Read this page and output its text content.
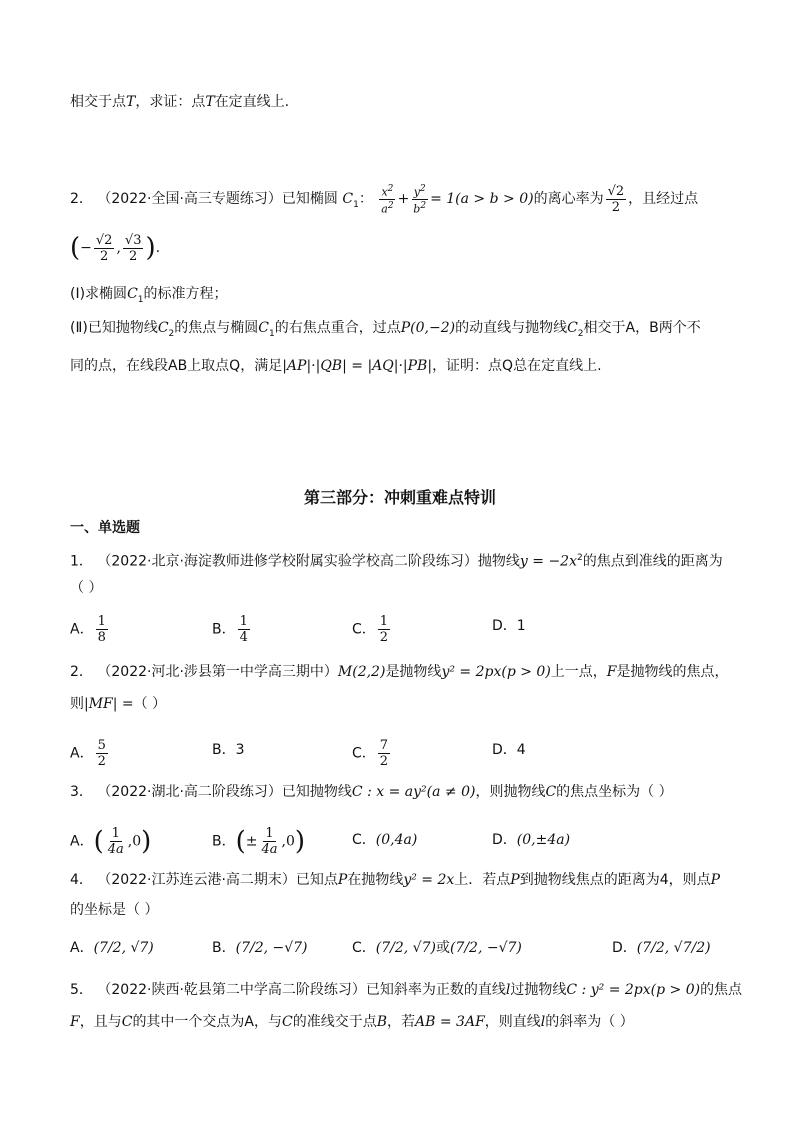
相交于点T，求证：点T在定直线上.
2． （2022·全国·高三专题练习）已知椭圆 $C_1$： $\frac{x^2}{a^2} + \frac{y^2}{b^2} = 1(a > b > 0)$的离心率为 $\frac{√2}{2}$ ，且经过点
(− $\frac{√2}{2}$ , $\frac{√3}{2}$ ).
(Ⅰ)求椭圆$C_1$的标准方程；
(Ⅱ)已知抛物线$C_2$的焦点与椭圆$C_1$的右焦点重合，过点P(0,−2)的动直线与抛物线$C_2$相交于A，B两个不
同的点，在线段AB上取点Q，满足|AP|·|QB| = |AQ|·|PB|，证明：点Q总在定直线上.
第三部分：冲刺重难点特训
一、单选题
1． （2022·北京·海淀教师进修学校附属实验学校高二阶段练习）抛物线$y = -2x^2$的焦点到准线的距离为
（ ）
A． $\frac{1}{8}$	B． $\frac{1}{4}$	C． $\frac{1}{2}$	D．1
2． （2022·河北·涉县第一中学高三期中）M(2,2)是抛物线y² = 2px(p > 0)上一点，F是抛物线的焦点，
则|MF| =（ ）
A． $\frac{5}{2}$	B．3	C． $\frac{7}{2}$	D．4
3． （2022·湖北·高二阶段练习）已知抛物线C : x = ay²(a ≠ 0)，则抛物线C的焦点坐标为（ ）
A．( $\frac{1}{4a} ,0$)	B．(± $\frac{1}{4a} ,0$)	C．(0,4a)	D．(0,±4a)
4． （2022·江苏连云港·高二期末）已知点P在抛物线y² = 2x上．若点P到抛物线焦点的距离为4，则点P
的坐标是（ ）
A．(7/2, √7)	B．(7/2, −√7)	C．(7/2, √7)或(7/2, −√7)	D．(7/2, √7/2)
5． （2022·陕西·乾县第二中学高二阶段练习）已知斜率为正数的直线l过抛物线C : y² = 2px(p > 0)的焦点
F，且与C的其中一个交点为A，与C的准线交于点B，若AB = 3AF，则直线l的斜率为（ ）
